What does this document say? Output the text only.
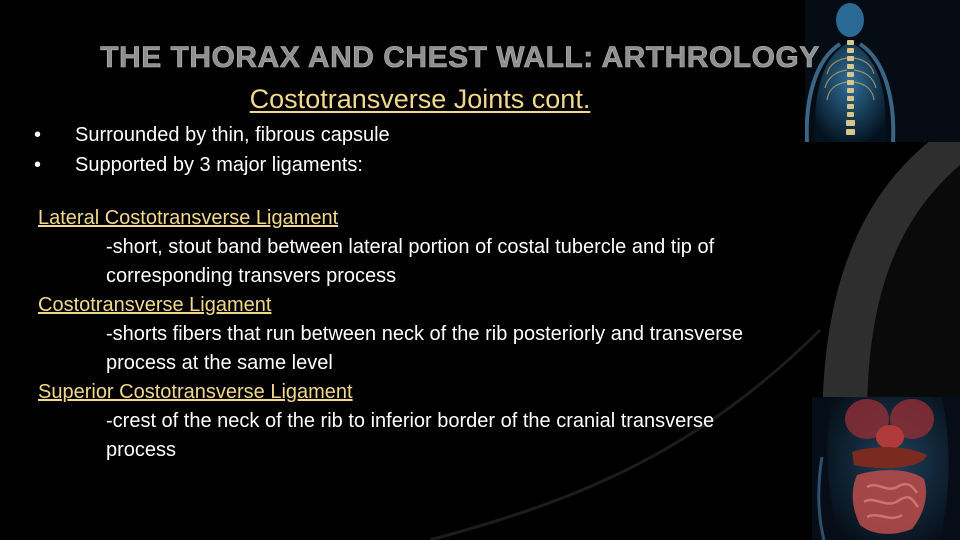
THE THORAX AND CHEST WALL: ARTHROLOGY
Costotransverse Joints cont.
• Surrounded by thin, fibrous capsule
• Supported by 3 major ligaments:
Lateral Costotransverse Ligament
-short, stout band between lateral portion of costal tubercle and tip of corresponding transvers process
Costotransverse Ligament
-shorts fibers that run between neck of the rib posteriorly and transverse process at the same level
Superior Costotransverse Ligament
-crest of the neck of the rib to inferior border of the cranial transverse process
